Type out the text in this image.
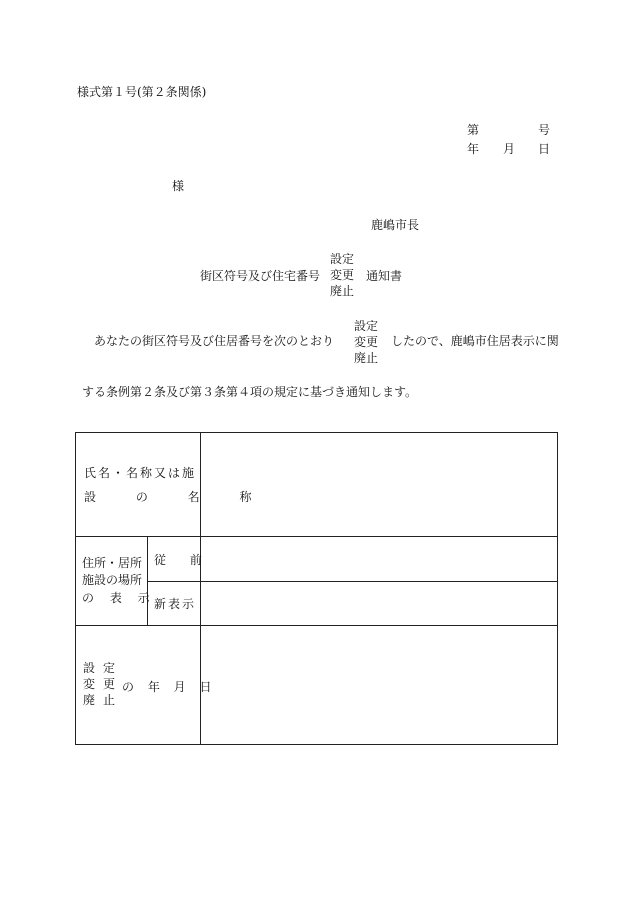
様式第１号(第２条関係)
第	号
年 月 日
様
鹿嶋市長
街区符号及び住宅番号
設定
変更
廃止
通知書
あなたの街区符号及び住居番号を次のとおり
設定
変更
廃止
したので、鹿嶋市住居表示に関
する条例第２条及び第３条第４項の規定に基づき通知します。
氏名・名称又は施
設 の 名 称		

住所・居所
施設の場所
の 表 示	従 前	

	新表示	

設定
変更
廃止
の 年 月 日		
